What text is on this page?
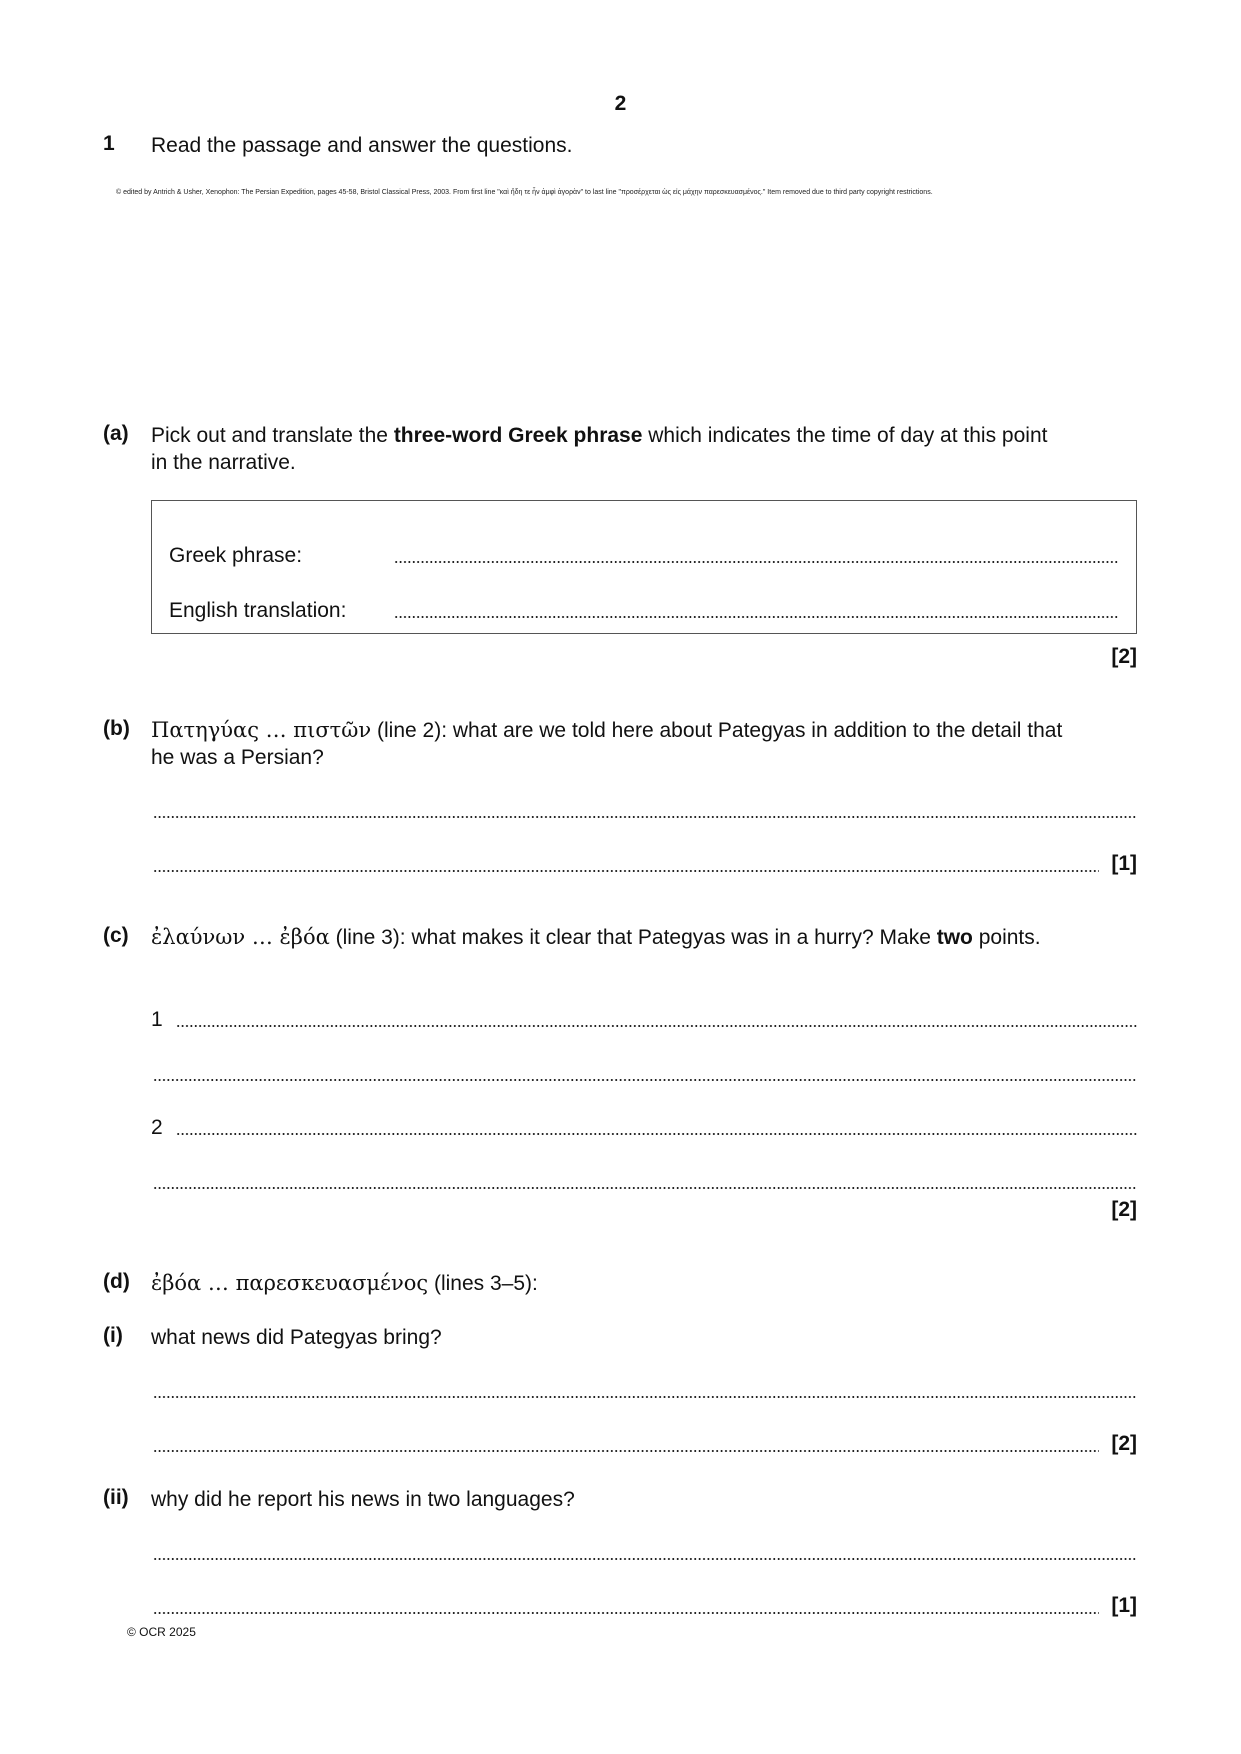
2
1 Read the passage and answer the questions.
© edited by Antrich & Usher, Xenophon: The Persian Expedition, pages 45-58, Bristol Classical Press, 2003. From first line "καὶ ἤδη τε ἦν ἀμφὶ ἀγορὰν" to last line "προσέρχεται ὡς εἰς μάχην παρεσκευασμένος." Item removed due to third party copyright restrictions.
(a) Pick out and translate the three-word Greek phrase which indicates the time of day at this point
in the narrative.
Greek phrase:
English translation:
[2]
(b) Πατηγύας … πιστῶν (line 2): what are we told here about Pategyas in addition to the detail that
he was a Persian?
[1]
(c) ἐλαύνων … ἐβόα (line 3): what makes it clear that Pategyas was in a hurry? Make two points.
1
2
[2]
(d) ἐβόα … παρεσκευασμένος (lines 3–5):
(i) what news did Pategyas bring?
[2]
(ii) why did he report his news in two languages?
[1]
© OCR 2025
